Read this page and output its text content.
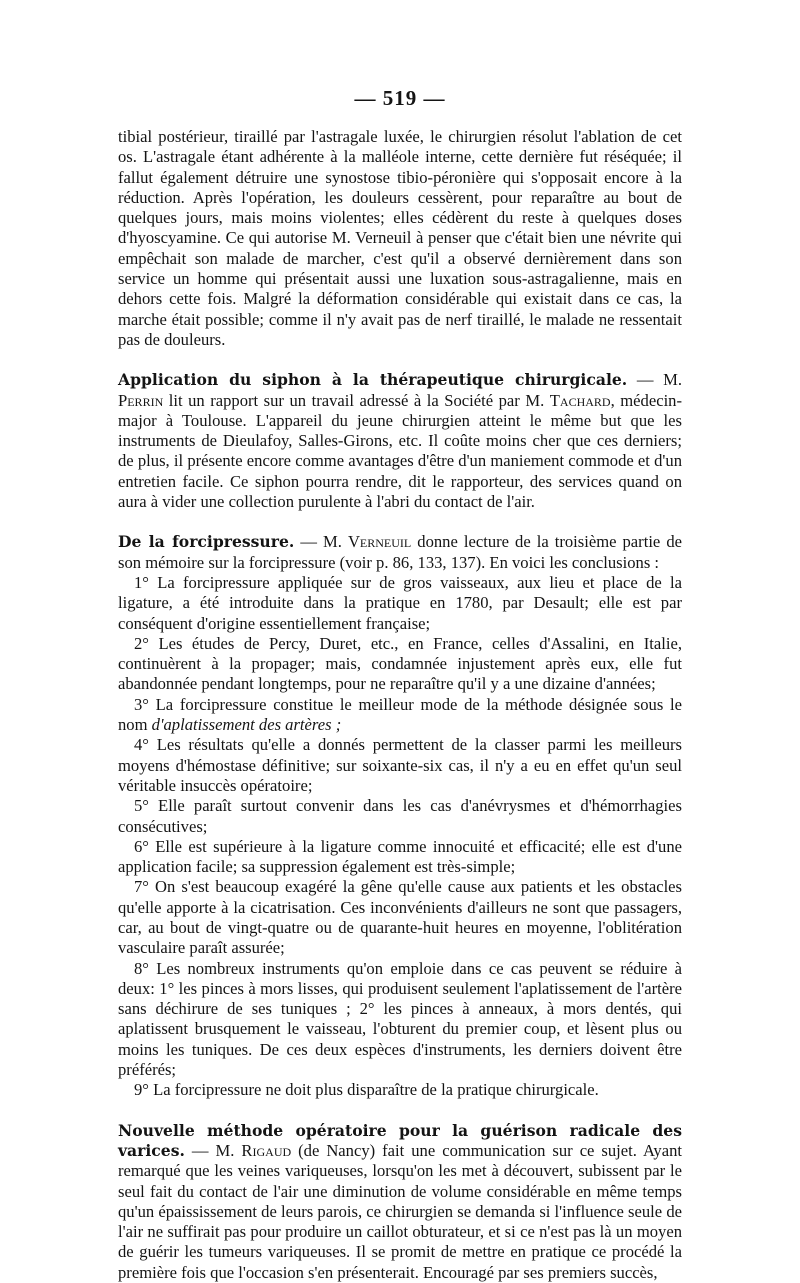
— 519 —

tibial postérieur, tiraillé par l'astragale luxée, le chirurgien résolut l'ablation de cet os. L'astragale étant adhérente à la malléole interne, cette dernière fut réséquée; il fallut également détruire une synostose tibio-péronière qui s'opposait encore à la réduction. Après l'opération, les douleurs cessèrent, pour reparaître au bout de quelques jours, mais moins violentes; elles cédèrent du reste à quelques doses d'hyoscyamine. Ce qui autorise M. Verneuil à penser que c'était bien une névrite qui empêchait son malade de marcher, c'est qu'il a observé dernièrement dans son service un homme qui présentait aussi une luxation sous-astragalienne, mais en dehors cette fois. Malgré la déformation considérable qui existait dans ce cas, la marche était possible; comme il n'y avait pas de nerf tiraillé, le malade ne ressentait pas de douleurs.

Application du siphon à la thérapeutique chirurgicale. — M. Perrin lit un rapport sur un travail adressé à la Société par M. Tachard, médecin-major à Toulouse. L'appareil du jeune chirurgien atteint le même but que les instruments de Dieulafoy, Salles-Girons, etc. Il coûte moins cher que ces derniers; de plus, il présente encore comme avantages d'être d'un maniement commode et d'un entretien facile. Ce siphon pourra rendre, dit le rapporteur, des services quand on aura à vider une collection purulente à l'abri du contact de l'air.

De la forcipressure. — M. Verneuil donne lecture de la troisième partie de son mémoire sur la forcipressure (voir p. 86, 133, 137). En voici les conclusions :

1° La forcipressure appliquée sur de gros vaisseaux, aux lieu et place de la ligature, a été introduite dans la pratique en 1780, par Desault; elle est par conséquent d'origine essentiellement française;

2° Les études de Percy, Duret, etc., en France, celles d'Assalini, en Italie, continuèrent à la propager; mais, condamnée injustement après eux, elle fut abandonnée pendant longtemps, pour ne reparaître qu'il y a une dizaine d'années;

3° La forcipressure constitue le meilleur mode de la méthode désignée sous le nom d'aplatissement des artères ;

4° Les résultats qu'elle a donnés permettent de la classer parmi les meilleurs moyens d'hémostase définitive; sur soixante-six cas, il n'y a eu en effet qu'un seul véritable insuccès opératoire;

5° Elle paraît surtout convenir dans les cas d'anévrysmes et d'hémorrhagies consécutives;

6° Elle est supérieure à la ligature comme innocuité et efficacité; elle est d'une application facile; sa suppression également est très-simple;

7° On s'est beaucoup exagéré la gêne qu'elle cause aux patients et les obstacles qu'elle apporte à la cicatrisation. Ces inconvénients d'ailleurs ne sont que passagers, car, au bout de vingt-quatre ou de quarante-huit heures en moyenne, l'oblitération vasculaire paraît assurée;

8° Les nombreux instruments qu'on emploie dans ce cas peuvent se réduire à deux: 1° les pinces à mors lisses, qui produisent seulement l'aplatissement de l'artère sans déchirure de ses tuniques ; 2° les pinces à anneaux, à mors dentés, qui aplatissent brusquement le vaisseau, l'obturent du premier coup, et lèsent plus ou moins les tuniques. De ces deux espèces d'instruments, les derniers doivent être préférés;

9° La forcipressure ne doit plus disparaître de la pratique chirurgicale.

Nouvelle méthode opératoire pour la guérison radicale des varices. — M. Rigaud (de Nancy) fait une communication sur ce sujet. Ayant remarqué que les veines variqueuses, lorsqu'on les met à découvert, subissent par le seul fait du contact de l'air une diminution de volume considérable en même temps qu'un épaississement de leurs parois, ce chirurgien se demanda si l'influence seule de l'air ne suffirait pas pour produire un caillot obturateur, et si ce n'est pas là un moyen de guérir les tumeurs variqueuses. Il se promit de mettre en pratique ce procédé la première fois que l'occasion s'en présenterait. Encouragé par ses premiers succès,
